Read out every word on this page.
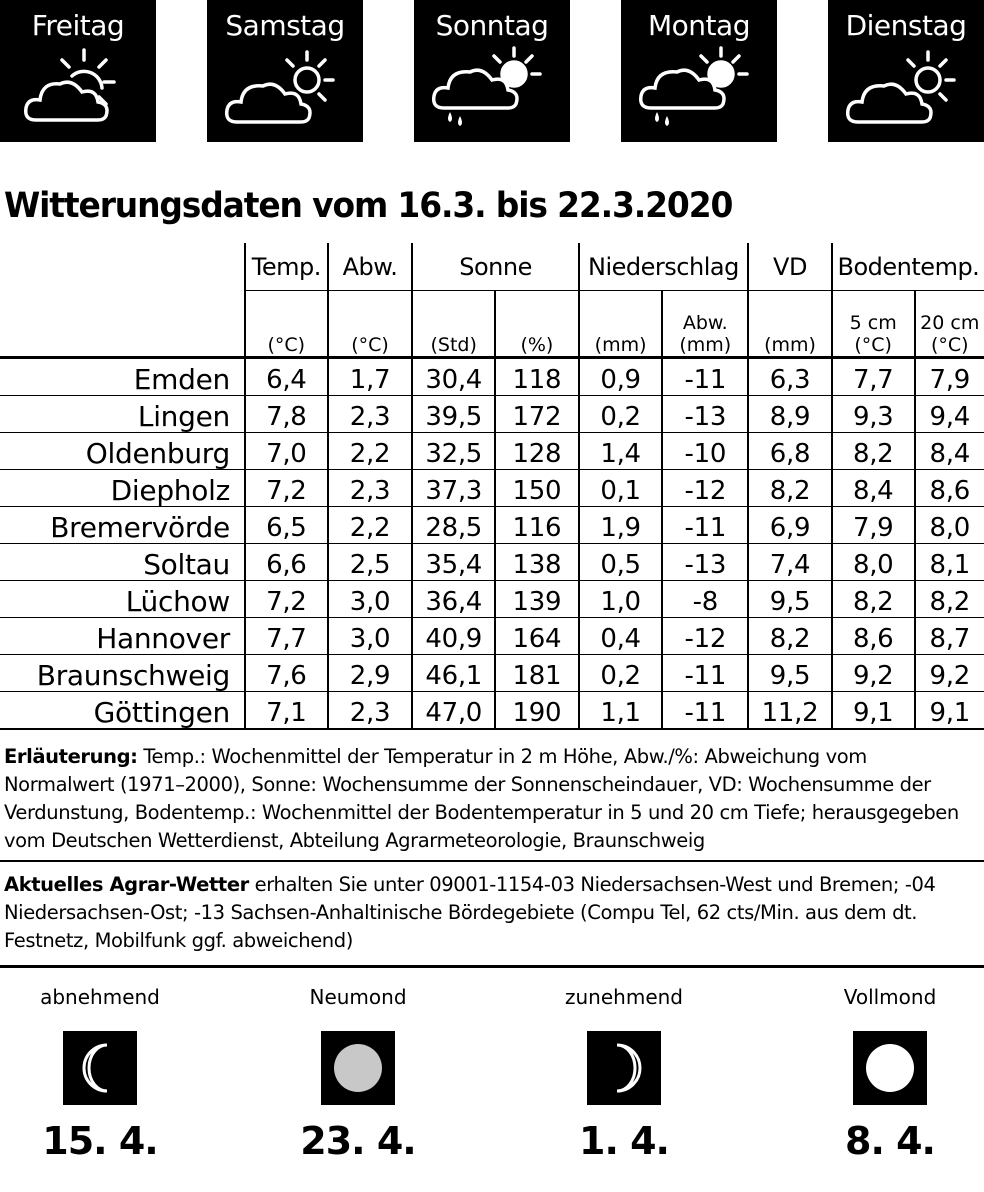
Freitag	Samstag	Sonntag	Montag	Dienstag
Witterungsdaten vom 16.3. bis 22.3.2020
	Temp.	Abw.	Sonne		Niederschlag		VD	Bodentemp.	
	(°C)	(°C)	(Std)	(%)	(mm)	Abw. (mm)	(mm)	5 cm (°C)	20 cm (°C)
Emden	6,4	1,7	30,4	118	0,9	-11	6,3	7,7	7,9
Lingen	7,8	2,3	39,5	172	0,2	-13	8,9	9,3	9,4
Oldenburg	7,0	2,2	32,5	128	1,4	-10	6,8	8,2	8,4
Diepholz	7,2	2,3	37,3	150	0,1	-12	8,2	8,4	8,6
Bremervörde	6,5	2,2	28,5	116	1,9	-11	6,9	7,9	8,0
Soltau	6,6	2,5	35,4	138	0,5	-13	7,4	8,0	8,1
Lüchow	7,2	3,0	36,4	139	1,0	-8	9,5	8,2	8,2
Hannover	7,7	3,0	40,9	164	0,4	-12	8,2	8,6	8,7
Braunschweig	7,6	2,9	46,1	181	0,2	-11	9,5	9,2	9,2
Göttingen	7,1	2,3	47,0	190	1,1	-11	11,2	9,1	9,1
Erläuterung: Temp.: Wochenmittel der Temperatur in 2 m Höhe, Abw./%: Abweichung vom Normalwert (1971–2000), Sonne: Wochensumme der Sonnenscheindauer, VD: Wochensumme der Verdunstung, Bodentemp.: Wochenmittel der Bodentemperatur in 5 und 20 cm Tiefe; herausgegeben vom Deutschen Wetterdienst, Abteilung Agrarmeteorologie, Braunschweig
Aktuelles Agrar-Wetter erhalten Sie unter 09001-1154-03 Niedersachsen-West und Bremen; -04 Niedersachsen-Ost; -13 Sachsen-Anhaltinische Bördegebiete (Compu Tel, 62 cts/Min. aus dem dt. Festnetz, Mobilfunk ggf. abweichend)
abnehmend
15. 4.
Neumond
23. 4.
zunehmend
1. 4.
Vollmond
8. 4.
